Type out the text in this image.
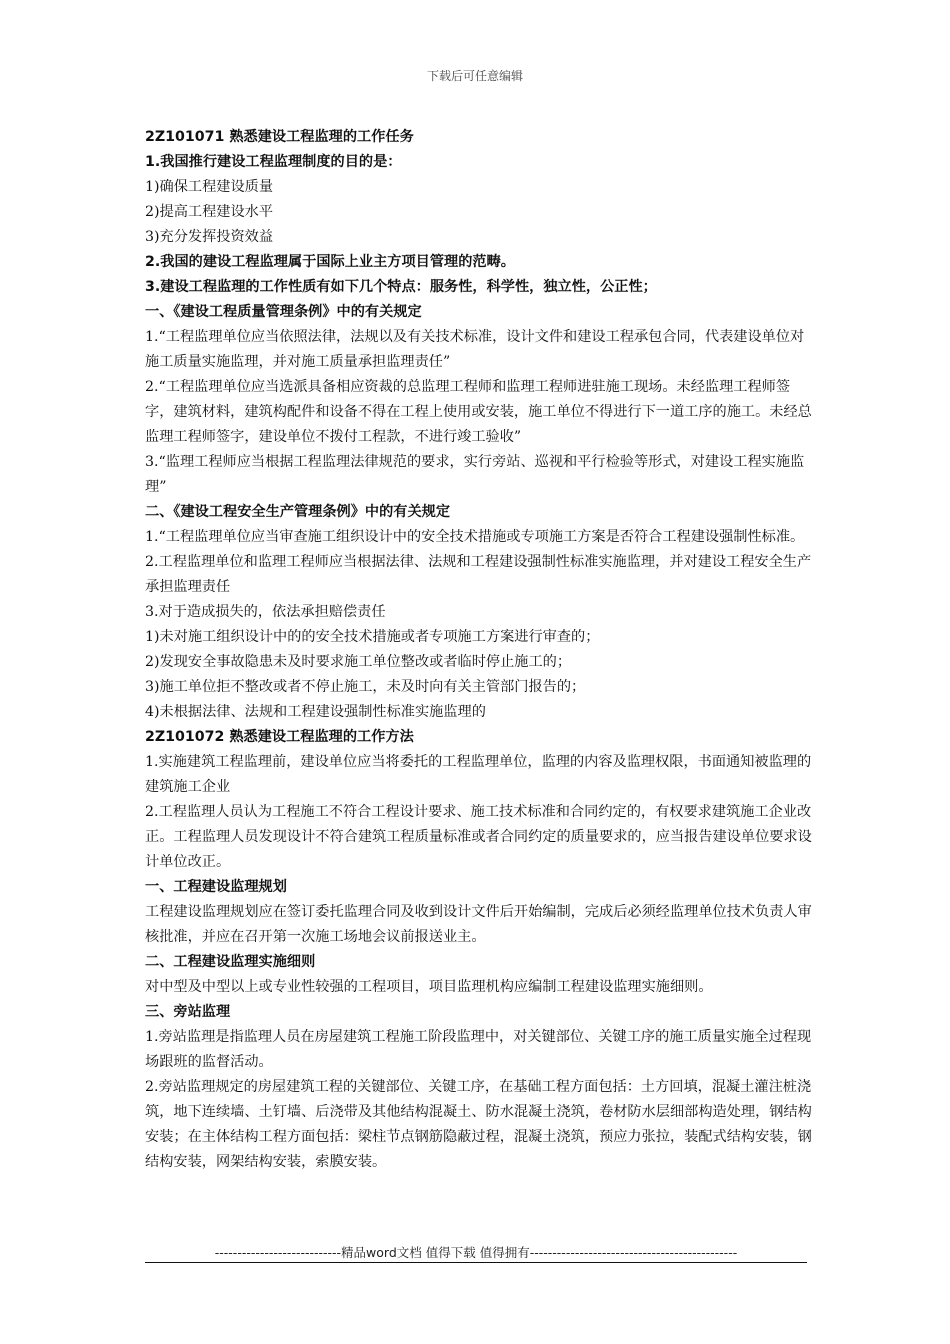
下载后可任意编辑

2Z101071 熟悉建设工程监理的工作任务

1.我国推行建设工程监理制度的目的是：

1)确保工程建设质量

2)提高工程建设水平

3)充分发挥投资效益

2.我国的建设工程监理属于国际上业主方项目管理的范畴。

3.建设工程监理的工作性质有如下几个特点：服务性，科学性，独立性，公正性；

一、《建设工程质量管理条例》中的有关规定

1.“工程监理单位应当依照法律，法规以及有关技术标准，设计文件和建设工程承包合同，代表建设单位对施工质量实施监理，并对施工质量承担监理责任”

2.“工程监理单位应当选派具备相应资裁的总监理工程师和监理工程师进驻施工现场。未经监理工程师签字，建筑材料，建筑构配件和设备不得在工程上使用或安装，施工单位不得进行下一道工序的施工。未经总监理工程师签字，建设单位不拨付工程款，不进行竣工验收”

3.“监理工程师应当根据工程监理法律规范的要求，实行旁站、巡视和平行检验等形式，对建设工程实施监理”

二、《建设工程安全生产管理条例》中的有关规定

1.“工程监理单位应当审查施工组织设计中的安全技术措施或专项施工方案是否符合工程建设强制性标准。

2.工程监理单位和监理工程师应当根据法律、法规和工程建设强制性标准实施监理，并对建设工程安全生产承担监理责任

3.对于造成损失的，依法承担赔偿责任

1)未对施工组织设计中的的安全技术措施或者专项施工方案进行审查的；

2)发现安全事故隐患未及时要求施工单位整改或者临时停止施工的；

3)施工单位拒不整改或者不停止施工，未及时向有关主管部门报告的；

4)未根据法律、法规和工程建设强制性标准实施监理的

2Z101072 熟悉建设工程监理的工作方法

1.实施建筑工程监理前，建设单位应当将委托的工程监理单位，监理的内容及监理权限，书面通知被监理的建筑施工企业

2.工程监理人员认为工程施工不符合工程设计要求、施工技术标准和合同约定的，有权要求建筑施工企业改正。工程监理人员发现设计不符合建筑工程质量标准或者合同约定的质量要求的，应当报告建设单位要求设计单位改正。

一、工程建设监理规划

工程建设监理规划应在签订委托监理合同及收到设计文件后开始编制，完成后必须经监理单位技术负责人审核批准，并应在召开第一次施工场地会议前报送业主。

二、工程建设监理实施细则

对中型及中型以上或专业性较强的工程项目，项目监理机构应编制工程建设监理实施细则。

三、旁站监理

1.旁站监理是指监理人员在房屋建筑工程施工阶段监理中，对关键部位、关键工序的施工质量实施全过程现场跟班的监督活动。

2.旁站监理规定的房屋建筑工程的关键部位、关键工序，在基础工程方面包括：土方回填，混凝土灌注桩浇筑，地下连续墙、土钉墙、后浇带及其他结构混凝土、防水混凝土浇筑，卷材防水层细部构造处理，钢结构安装；在主体结构工程方面包括：梁柱节点钢筋隐蔽过程，混凝土浇筑，预应力张拉，装配式结构安装，钢结构安装，网架结构安装，索膜安装。

----------------------------精品word文档 值得下载 值得拥有----------------------------------------------
